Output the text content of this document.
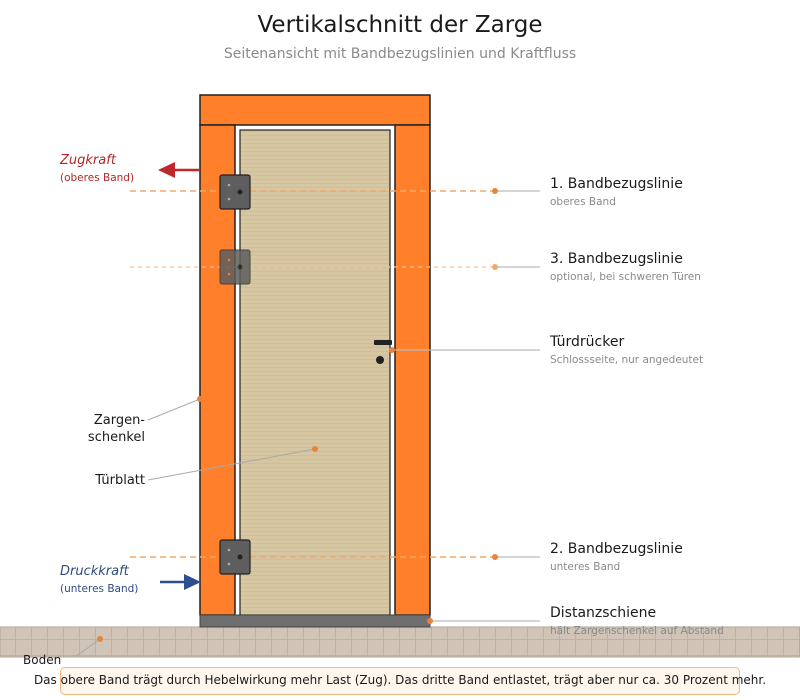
Vertikalschnitt der Zarge
Seitenansicht mit Bandbezugslinien und Kraftfluss
1. Bandbezugslinie
oberes Band
3. Bandbezugslinie
optional, bei schweren Türen
Türdrücker
Schlossseite, nur angedeutet
2. Bandbezugslinie
unteres Band
Distanzschiene
hält Zargenschenkel auf Abstand
Zargen-
schenkel
Türblatt
Boden
Zugkraft
(oberes Band)
Druckkraft
(unteres Band)
Das obere Band trägt durch Hebelwirkung mehr Last (Zug). Das dritte Band entlastet, trägt aber nur ca. 30 Prozent mehr.
